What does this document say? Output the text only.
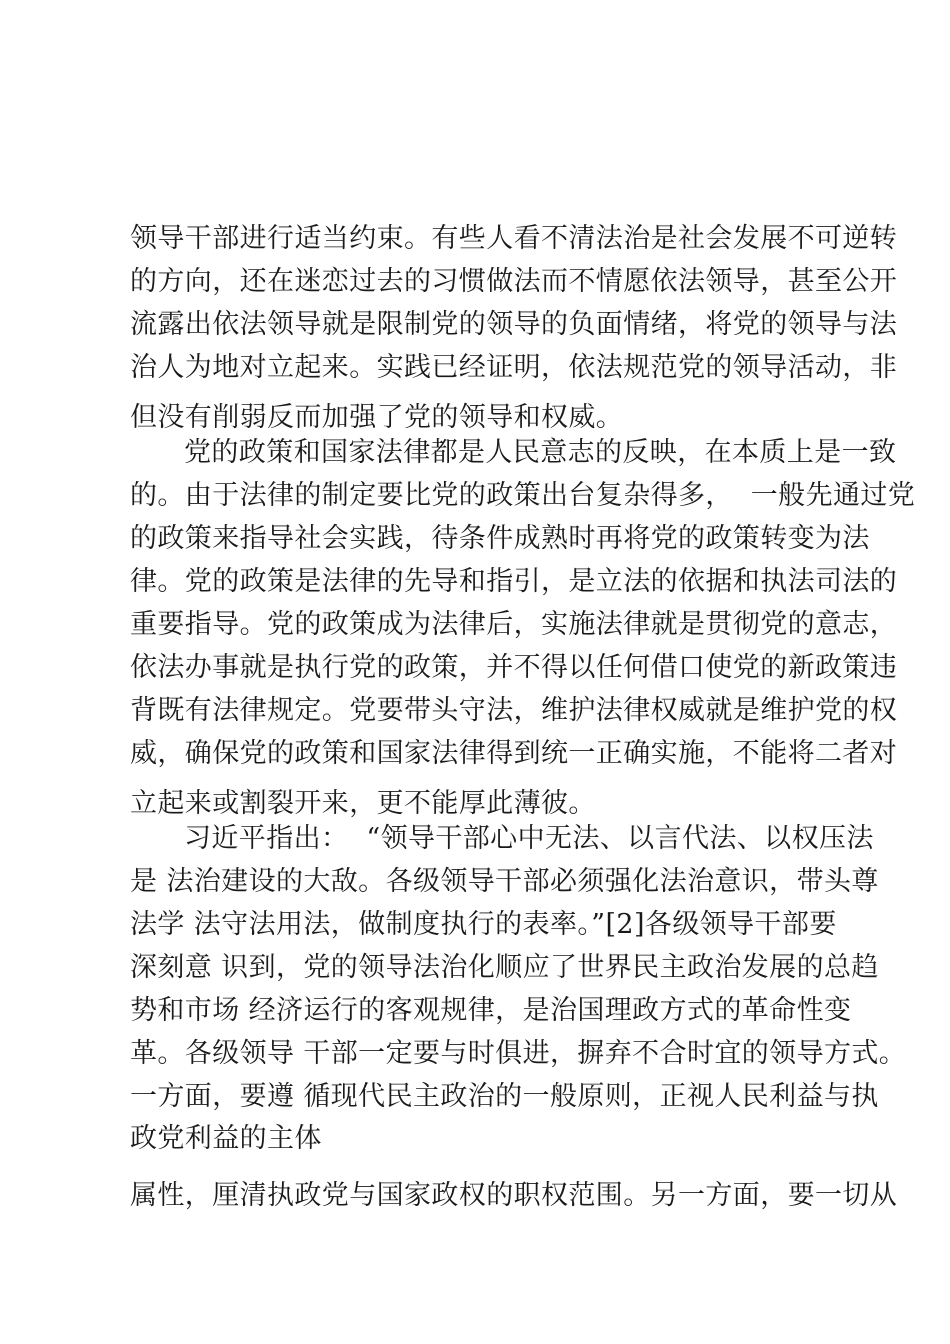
领导干部进行适当约束。有些人看不清法治是社会发展不可逆转
的方向，还在迷恋过去的习惯做法而不情愿依法领导，甚至公开
流露出依法领导就是限制党的领导的负面情绪，将党的领导与法
治人为地对立起来。实践已经证明，依法规范党的领导活动，非
但没有削弱反而加强了党的领导和权威。
党的政策和国家法律都是人民意志的反映，在本质上是一致
的。由于法律的制定要比党的政策出台复杂得多，  一般先通过党
的政策来指导社会实践，待条件成熟时再将党的政策转变为法
律。党的政策是法律的先导和指引，是立法的依据和执法司法的
重要指导。党的政策成为法律后，实施法律就是贯彻党的意志，
依法办事就是执行党的政策，并不得以任何借口使党的新政策违
背既有法律规定。党要带头守法，维护法律权威就是维护党的权
威，确保党的政策和国家法律得到统一正确实施，不能将二者对
立起来或割裂开来，更不能厚此薄彼。
习近平指出：  “领导干部心中无法、以言代法、以权压法
是 法治建设的大敌。各级领导干部必须强化法治意识，带头尊
法学 法守法用法，做制度执行的表率。”[2]各级领导干部要
深刻意 识到，党的领导法治化顺应了世界民主政治发展的总趋
势和市场 经济运行的客观规律，是治国理政方式的革命性变
革。各级领导 干部一定要与时俱进，摒弃不合时宜的领导方式。
一方面，要遵 循现代民主政治的一般原则，正视人民利益与执
政党利益的主体
属性，厘清执政党与国家政权的职权范围。另一方面，要一切从
